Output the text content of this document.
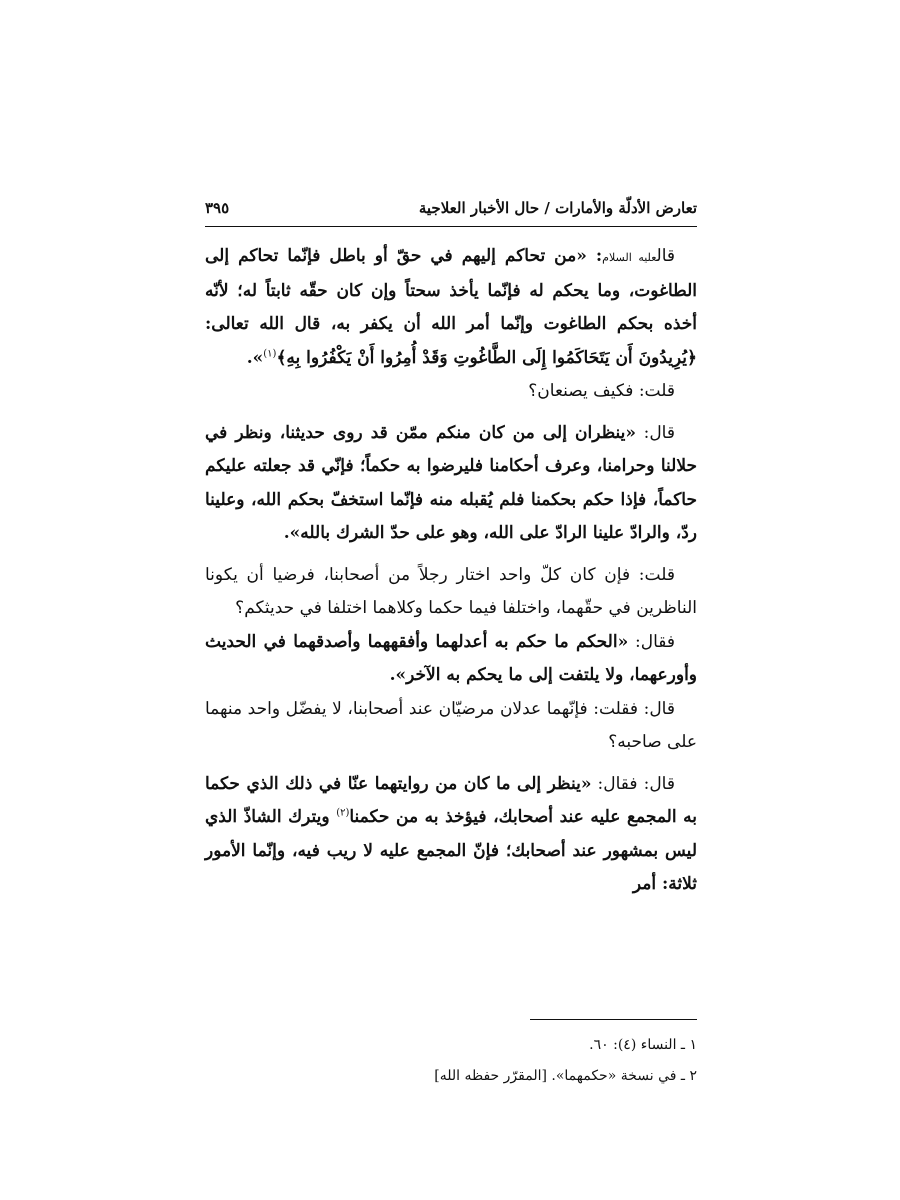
تعارض الأدلّة والأمارات / حال الأخبار العلاجية
٣٩٥

قالعليه السلام: «من تحاكم إليهم في حقّ أو باطل فإنّما تحاكم إلى الطاغوت، وما يحكم له فإنّما يأخذ سحتاً وإن كان حقّه ثابتاً له؛ لأنّه أخذه بحكم الطاغوت وإنّما أمر الله أن يكفر به، قال الله تعالى: ﴿يُرِيدُونَ أَن يَتَحَاكَمُوا إِلَى الطَّاغُوتِ وَقَدْ أُمِرُوا أَنْ يَكْفُرُوا بِهِ﴾$^{(١)}$».

قلت: فكيف يصنعان؟

قال: «ينظران إلى من كان منكم ممّن قد روى حديثنا، ونظر في حلالنا وحرامنا، وعرف أحكامنا فليرضوا به حكماً؛ فإنّي قد جعلته عليكم حاكماً، فإذا حكم بحكمنا فلم يُقبله منه فإنّما استخفّ بحكم الله، وعلينا ردّ، والرادّ علينا الرادّ على الله، وهو على حدّ الشرك بالله».

قلت: فإن كان كلّ واحد اختار رجلاً من أصحابنا، فرضيا أن يكونا الناظرين في حقّهما، واختلفا فيما حكما وكلاهما اختلفا في حديثكم؟

فقال: «الحكم ما حكم به أعدلهما وأفقههما وأصدقهما في الحديث وأورعهما، ولا يلتفت إلى ما يحكم به الآخر».

قال: فقلت: فإنّهما عدلان مرضيّان عند أصحابنا، لا يفضّل واحد منهما على صاحبه؟

قال: فقال: «ينظر إلى ما كان من روايتهما عنّا في ذلك الذي حكما به المجمع عليه عند أصحابك، فيؤخذ به من حكمنا$^{(٢)}$ ويترك الشاذّ الذي ليس بمشهور عند أصحابك؛ فإنّ المجمع عليه لا ريب فيه، وإنّما الأمور ثلاثة: أمر

١ ـ النساء (٤): ٦٠.

٢ ـ في نسخة «حكمهما». [المقرّر حفظه الله]
